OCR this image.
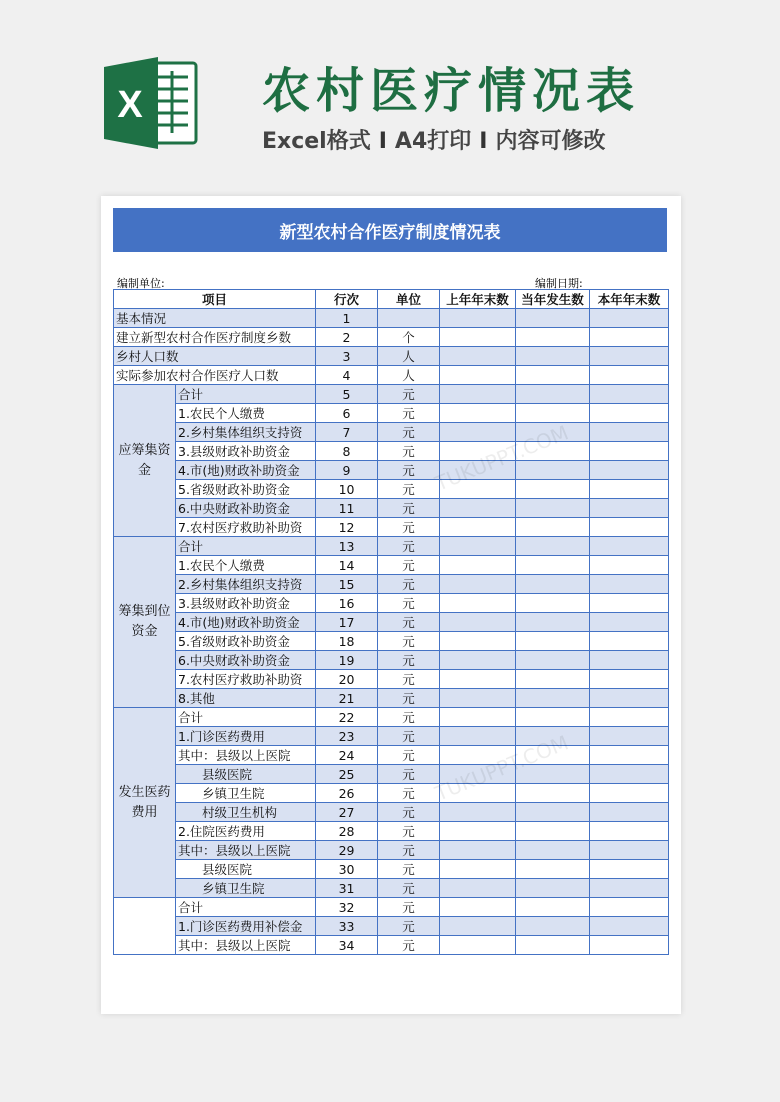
X 农村医疗情况表
Excel格式 I A4打印 I 内容可修改
新型农村合作医疗制度情况表
编制单位:	编制日期:
项目		行次	单位	上年年末数	当年发生数	本年年末数
基本情况		1				
建立新型农村合作医疗制度乡数		2	个			
乡村人口数		3	人			
实际参加农村合作医疗人口数		4	人			
应筹集资金	合计	5	元			
	1.农民个人缴费	6	元			
	2.乡村集体组织支持资	7	元			
	3.县级财政补助资金	8	元			
	4.市(地)财政补助资金	9	元			
	5.省级财政补助资金	10	元			
	6.中央财政补助资金	11	元			
	7.农村医疗救助补助资	12	元			
筹集到位资金	合计	13	元			
	1.农民个人缴费	14	元			
	2.乡村集体组织支持资	15	元			
	3.县级财政补助资金	16	元			
	4.市(地)财政补助资金	17	元			
	5.省级财政补助资金	18	元			
	6.中央财政补助资金	19	元			
	7.农村医疗救助补助资	20	元			
	8.其他	21	元			
发生医药费用	合计	22	元			
	1.门诊医药费用	23	元			
	其中：县级以上医院	24	元			
	县级医院	25	元			
	乡镇卫生院	26	元			
	村级卫生机构	27	元			
	2.住院医药费用	28	元			
	其中：县级以上医院	29	元			
	县级医院	30	元			
	乡镇卫生院	31	元			
	合计	32	元			
	1.门诊医药费用补偿金	33	元			
	其中：县级以上医院	34	元			
TUKUPPT.COM
